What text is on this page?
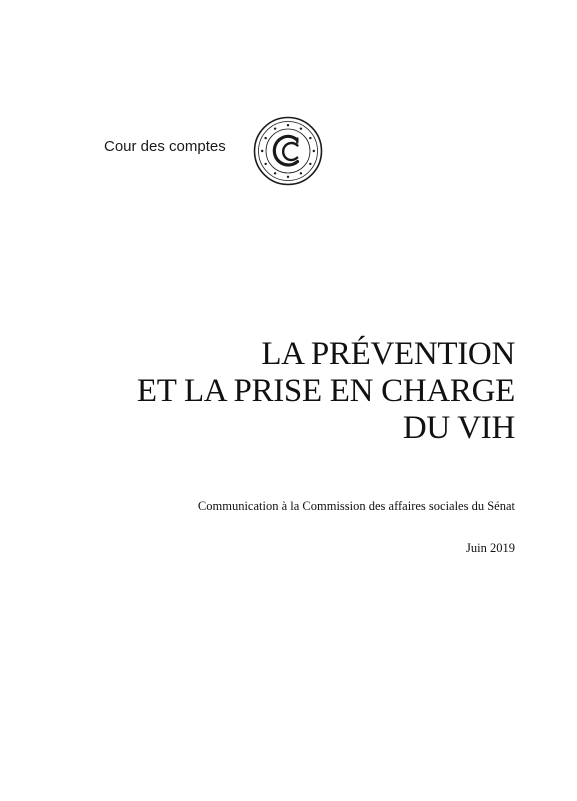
Cour des comptes
LA PRÉVENTION
ET LA PRISE EN CHARGE
DU VIH
Communication à la Commission des affaires sociales du Sénat
Juin 2019
